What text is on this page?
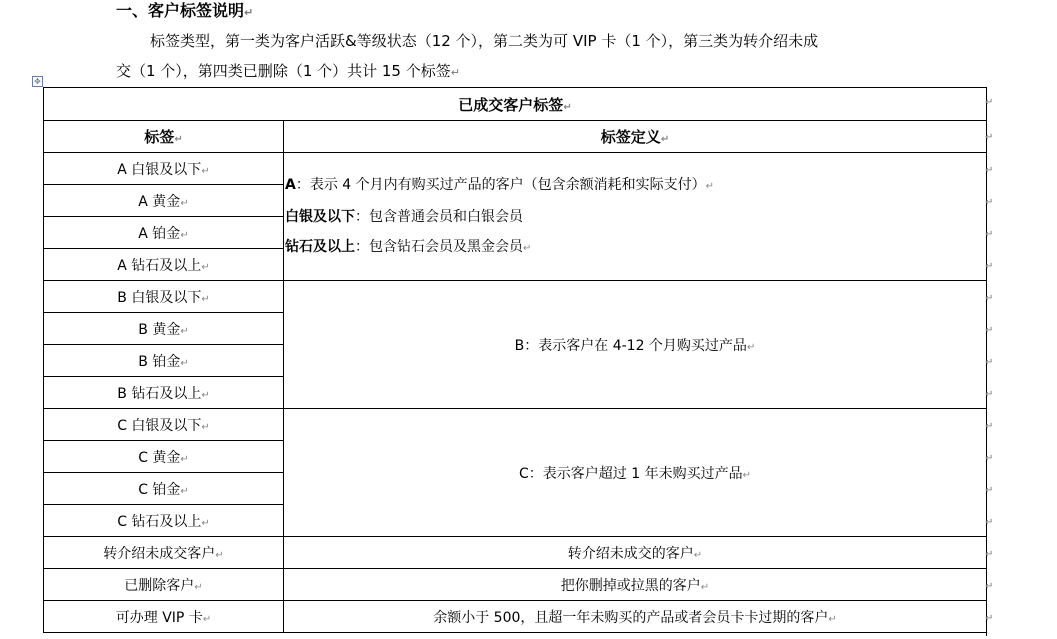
一、客户标签说明↵
标签类型，第一类为客户活跃&等级状态（12 个），第二类为可 VIP 卡（1 个），第三类为转介绍未成
交（1 个），第四类已删除（1 个）共计 15 个标签↵
✥
已成交客户标签↵	
标签↵	标签定义↵
A 白银及以下↵	A：表示 4 个月内有购买过产品的客户（包含余额消耗和实际支付）↵
白银及以下：包含普通会员和白银会员
钻石及以上：包含钻石会员及黑金会员↵

A 黄金↵	
A 铂金↵	
A 钻石及以上↵	
B 白银及以下↵	B：表示客户在 4-12 个月购买过产品↵
B 黄金↵	
B 铂金↵	
B 钻石及以上↵	
C 白银及以下↵	C：表示客户超过 1 年未购买过产品↵
C 黄金↵	
C 铂金↵	
C 钻石及以上↵	
转介绍未成交客户↵	转介绍未成交的客户↵
已删除客户↵	把你删掉或拉黑的客户↵
可办理 VIP 卡↵	余额小于 500，且超一年未购买的产品或者会员卡卡过期的客户↵
↵
↵
↵
↵
↵
↵
↵
↵
↵
↵
↵
↵
↵
↵
↵
↵
↵
